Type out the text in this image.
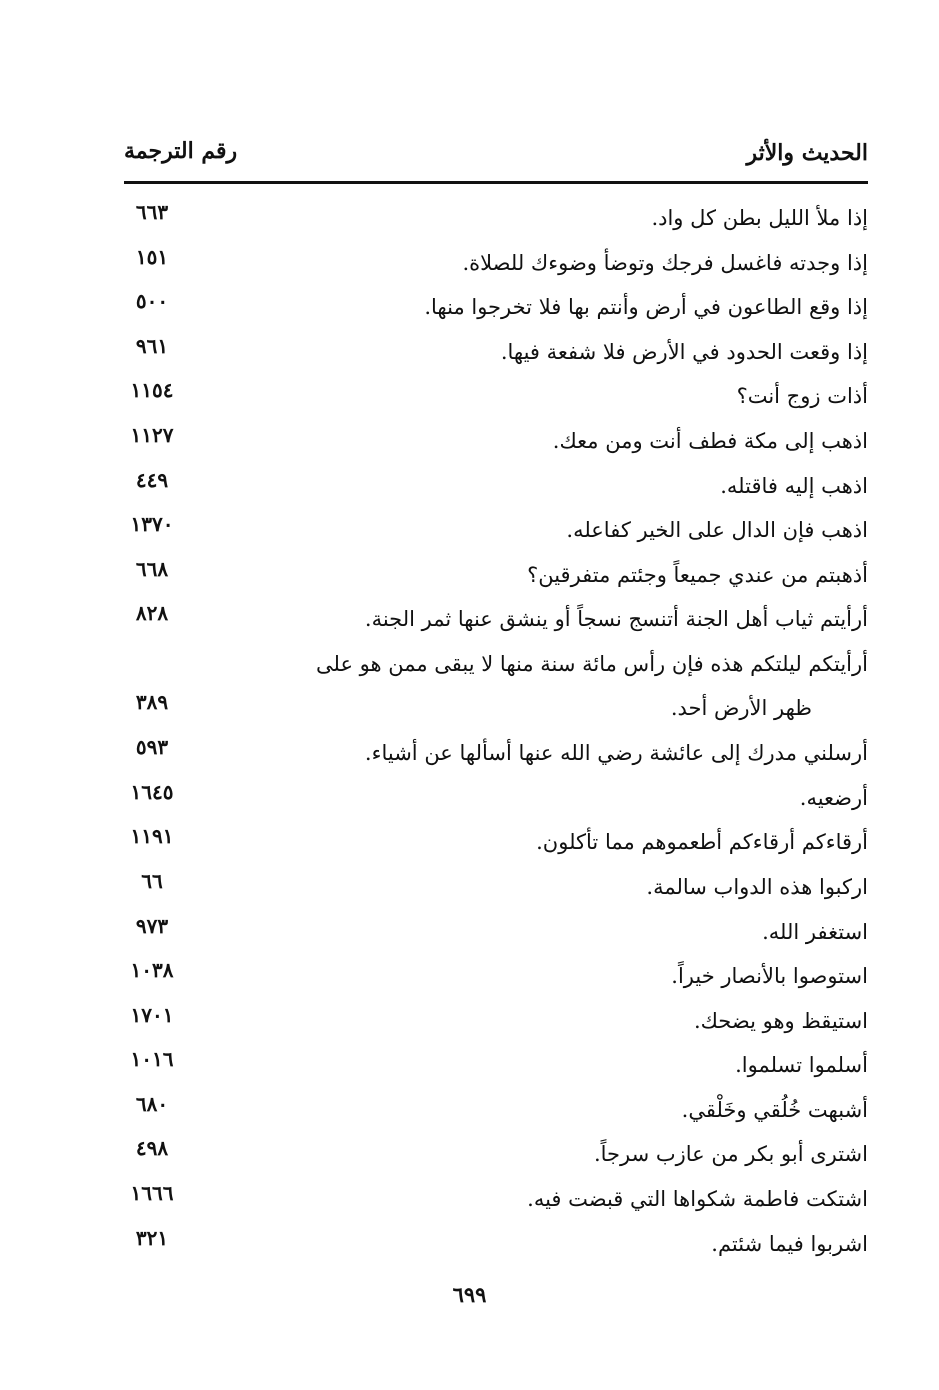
الحديث والأثر
رقم الترجمة
إذا ملأ الليل بطن كل واد.
٦٦٣
إذا وجدته فاغسل فرجك وتوضأ وضوءك للصلاة.
١٥١
إذا وقع الطاعون في أرض وأنتم بها فلا تخرجوا منها.
٥٠٠
إذا وقعت الحدود في الأرض فلا شفعة فيها.
٩٦١
أذات زوج أنت؟
١١٥٤
اذهب إلى مكة فطف أنت ومن معك.
١١٢٧
اذهب إليه فاقتله.
٤٤٩
اذهب فإن الدال على الخير كفاعله.
١٣٧٠
أذهبتم من عندي جميعاً وجئتم متفرقين؟
٦٦٨
أرأيتم ثياب أهل الجنة أتنسج نسجاً أو ينشق عنها ثمر الجنة.
٨٢٨
أرأيتكم ليلتكم هذه فإن رأس مائة سنة منها لا يبقى ممن هو على
ظهر الأرض أحد.
٣٨٩
أرسلني مدرك إلى عائشة رضي الله عنها أسألها عن أشياء.
٥٩٣
أرضعيه.
١٦٤٥
أرقاءكم أرقاءكم أطعموهم مما تأكلون.
١١٩١
اركبوا هذه الدواب سالمة.
٦٦
استغفر الله.
٩٧٣
استوصوا بالأنصار خيراً.
١٠٣٨
استيقظ وهو يضحك.
١٧٠١
أسلموا تسلموا.
١٠١٦
أشبهت خُلُقي وخَلْقي.
٦٨٠
اشترى أبو بكر من عازب سرجاً.
٤٩٨
اشتكت فاطمة شكواها التي قبضت فيه.
١٦٦٦
اشربوا فيما شئتم.
٣٢١
٦٩٩
